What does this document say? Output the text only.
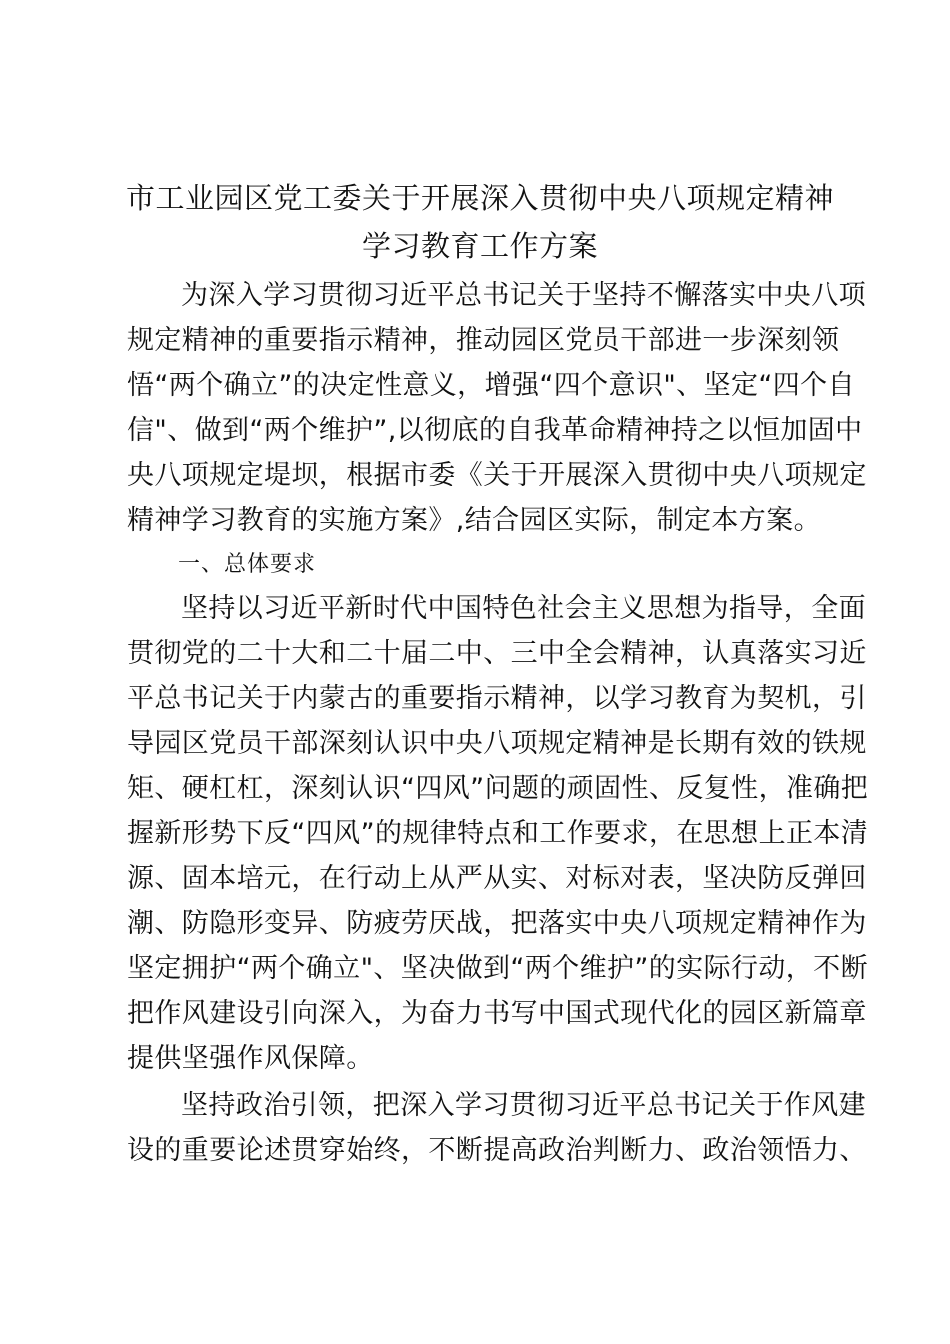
市工业园区党工委关于开展深入贯彻中央八项规定精神
学习教育工作方案
为深入学习贯彻习近平总书记关于坚持不懈落实中央八项
规定精神的重要指示精神，推动园区党员干部进一步深刻领
悟“两个确立”的决定性意义，增强“四个意识"、坚定“四个自
信"、做到“两个维护”,以彻底的自我革命精神持之以恒加固中
央八项规定堤坝，根据市委《关于开展深入贯彻中央八项规定
精神学习教育的实施方案》,结合园区实际，制定本方案。
一、总体要求
坚持以习近平新时代中国特色社会主义思想为指导，全面
贯彻党的二十大和二十届二中、三中全会精神，认真落实习近
平总书记关于内蒙古的重要指示精神，以学习教育为契机，引
导园区党员干部深刻认识中央八项规定精神是长期有效的铁规
矩、硬杠杠，深刻认识“四风”问题的顽固性、反复性，准确把
握新形势下反“四风”的规律特点和工作要求，在思想上正本清
源、固本培元，在行动上从严从实、对标对表，坚决防反弹回
潮、防隐形变异、防疲劳厌战，把落实中央八项规定精神作为
坚定拥护“两个确立"、坚决做到“两个维护”的实际行动，不断
把作风建设引向深入，为奋力书写中国式现代化的园区新篇章
提供坚强作风保障。
坚持政治引领，把深入学习贯彻习近平总书记关于作风建
设的重要论述贯穿始终，不断提高政治判断力、政治领悟力、
